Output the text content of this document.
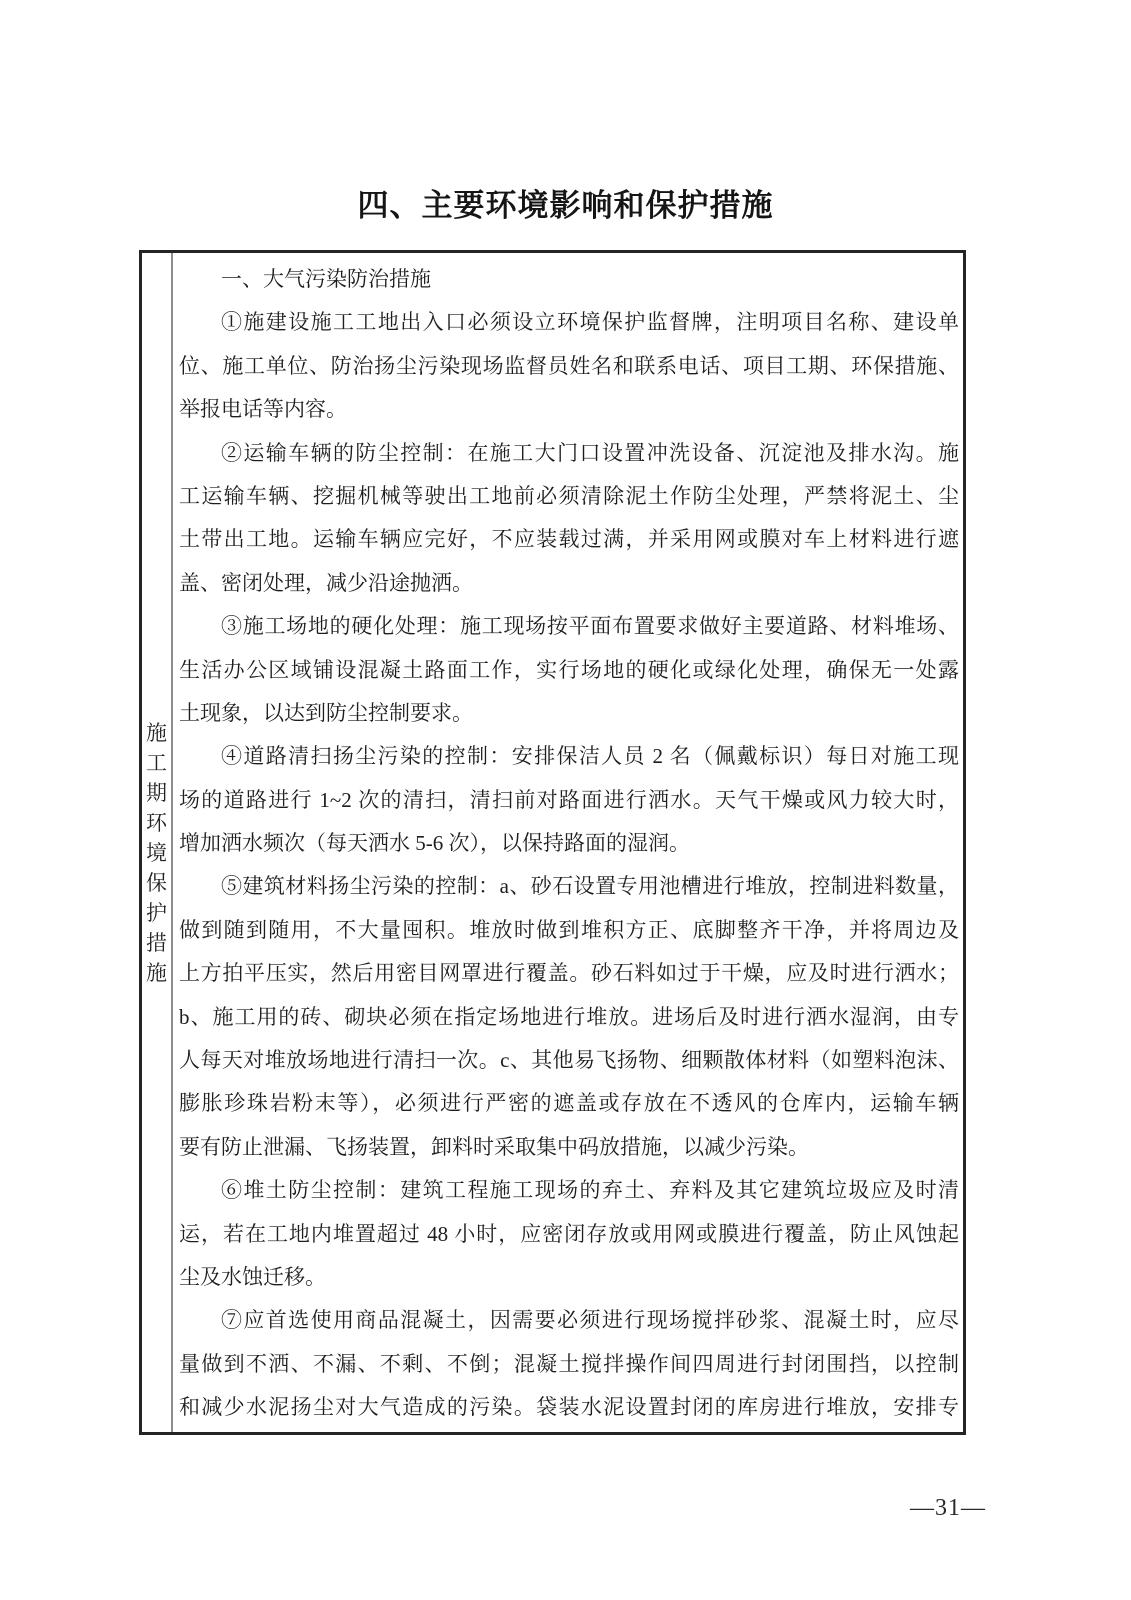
四、主要环境影响和保护措施
施
工
期
环
境
保
护
措
施
一、大气污染防治措施
①施建设施工工地出入口必须设立环境保护监督牌，注明项目名称、建设单
位、施工单位、防治扬尘污染现场监督员姓名和联系电话、项目工期、环保措施、
举报电话等内容。
②运输车辆的防尘控制：在施工大门口设置冲洗设备、沉淀池及排水沟。施
工运输车辆、挖掘机械等驶出工地前必须清除泥土作防尘处理，严禁将泥土、尘
土带出工地。运输车辆应完好，不应装载过满，并采用网或膜对车上材料进行遮
盖、密闭处理，减少沿途抛洒。
③施工场地的硬化处理：施工现场按平面布置要求做好主要道路、材料堆场、
生活办公区域铺设混凝土路面工作，实行场地的硬化或绿化处理，确保无一处露
土现象，以达到防尘控制要求。
④道路清扫扬尘污染的控制：安排保洁人员 2 名（佩戴标识）每日对施工现
场的道路进行 1~2 次的清扫，清扫前对路面进行洒水。天气干燥或风力较大时，
增加洒水频次（每天洒水 5-6 次），以保持路面的湿润。
⑤建筑材料扬尘污染的控制：a、砂石设置专用池槽进行堆放，控制进料数量，
做到随到随用，不大量囤积。堆放时做到堆积方正、底脚整齐干净，并将周边及
上方拍平压实，然后用密目网罩进行覆盖。砂石料如过于干燥，应及时进行洒水；
b、施工用的砖、砌块必须在指定场地进行堆放。进场后及时进行洒水湿润，由专
人每天对堆放场地进行清扫一次。c、其他易飞扬物、细颗散体材料（如塑料泡沫、
膨胀珍珠岩粉末等），必须进行严密的遮盖或存放在不透风的仓库内，运输车辆
要有防止泄漏、飞扬装置，卸料时采取集中码放措施，以减少污染。
⑥堆土防尘控制：建筑工程施工现场的弃土、弃料及其它建筑垃圾应及时清
运，若在工地内堆置超过 48 小时，应密闭存放或用网或膜进行覆盖，防止风蚀起
尘及水蚀迁移。
⑦应首选使用商品混凝土，因需要必须进行现场搅拌砂浆、混凝土时，应尽
量做到不洒、不漏、不剩、不倒；混凝土搅拌操作间四周进行封闭围挡，以控制
和减少水泥扬尘对大气造成的污染。袋装水泥设置封闭的库房进行堆放，安排专
—31—
